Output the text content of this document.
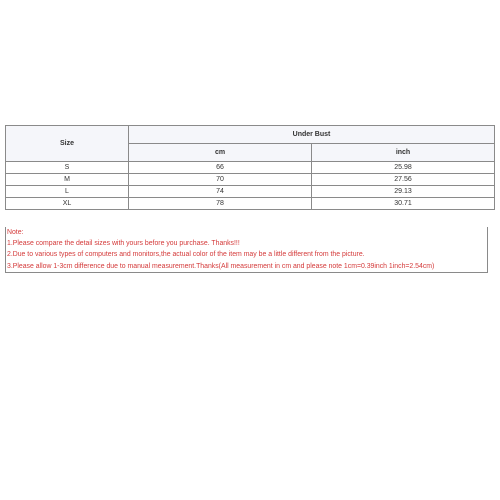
Size	Under Bust	
	cm	inch
S	66	25.98
M	70	27.56
L	74	29.13
XL	78	30.71
Note:
1.Please compare the detail sizes with yours before you purchase. Thanks!!!
2.Due to various types of computers and monitors,the actual color of the item may be a little different from the picture.
3.Please allow 1-3cm difference due to manual measurement.Thanks(All measurement in cm and please note 1cm=0.39inch 1inch=2.54cm)
